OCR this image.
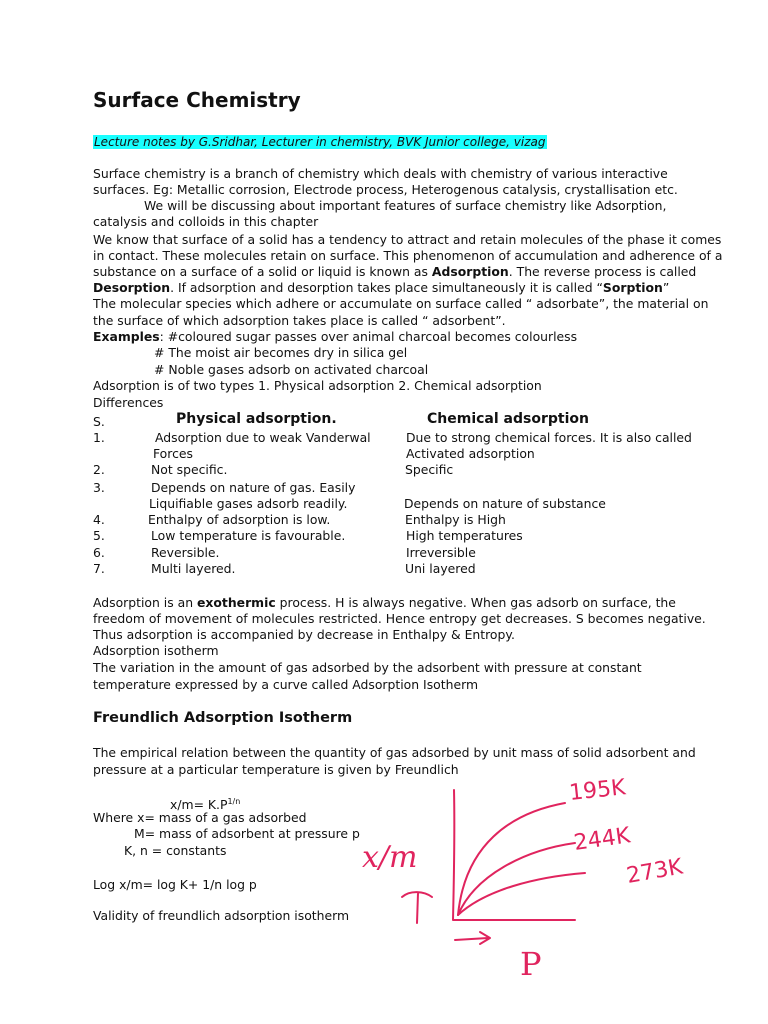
Surface Chemistry
Lecture notes by G.Sridhar, Lecturer in chemistry, BVK Junior college, vizag
Surface chemistry is a branch of chemistry which deals with chemistry of various interactive
surfaces. Eg: Metallic corrosion, Electrode process, Heterogenous catalysis, crystallisation etc.
We will be discussing about important features of surface chemistry like Adsorption,
catalysis and colloids in this chapter
We know that surface of a solid has a tendency to attract and retain molecules of the phase it comes
in contact. These molecules retain on surface. This phenomenon of accumulation and adherence of a
substance on a surface of a solid or liquid is known as Adsorption. The reverse process is called
Desorption. If adsorption and desorption takes place simultaneously it is called “Sorption”
The molecular species which adhere or accumulate on surface called “ adsorbate”, the material on
the surface of which adsorption takes place is called “ adsorbent”.
Examples: #coloured sugar passes over animal charcoal becomes colourless
# The moist air becomes dry in silica gel
# Noble gases adsorb on activated charcoal
Adsorption is of two types 1. Physical adsorption 2. Chemical adsorption
Differences
S.	Physical adsorption.	Chemical adsorption
1.	Adsorption due to weak Vanderwal	Due to strong chemical forces. It is also called
Forces	Activated adsorption
2.	Not specific.	Specific
3.	Depends on nature of gas. Easily
Liquifiable gases adsorb readily.	Depends on nature of substance
4.	Enthalpy of adsorption is low.	Enthalpy is High
5.	Low temperature is favourable.	High temperatures
6.	Reversible.	Irreversible
7.	Multi layered.	Uni layered
Adsorption is an exothermic process. H is always negative. When gas adsorb on surface, the
freedom of movement of molecules restricted. Hence entropy get decreases. S becomes negative.
Thus adsorption is accompanied by decrease in Enthalpy & Entropy.
Adsorption isotherm
The variation in the amount of gas adsorbed by the adsorbent with pressure at constant
temperature expressed by a curve called Adsorption Isotherm
Freundlich Adsorption Isotherm
The empirical relation between the quantity of gas adsorbed by unit mass of solid adsorbent and
pressure at a particular temperature is given by Freundlich
$x/m= K.P^{1/n}$
Where x= mass of a gas adsorbed
M= mass of adsorbent at pressure p
K, n = constants
Log x/m= log K+ 1/n log p
Validity of freundlich adsorption isotherm
x/m
P
195K
244K
273K
